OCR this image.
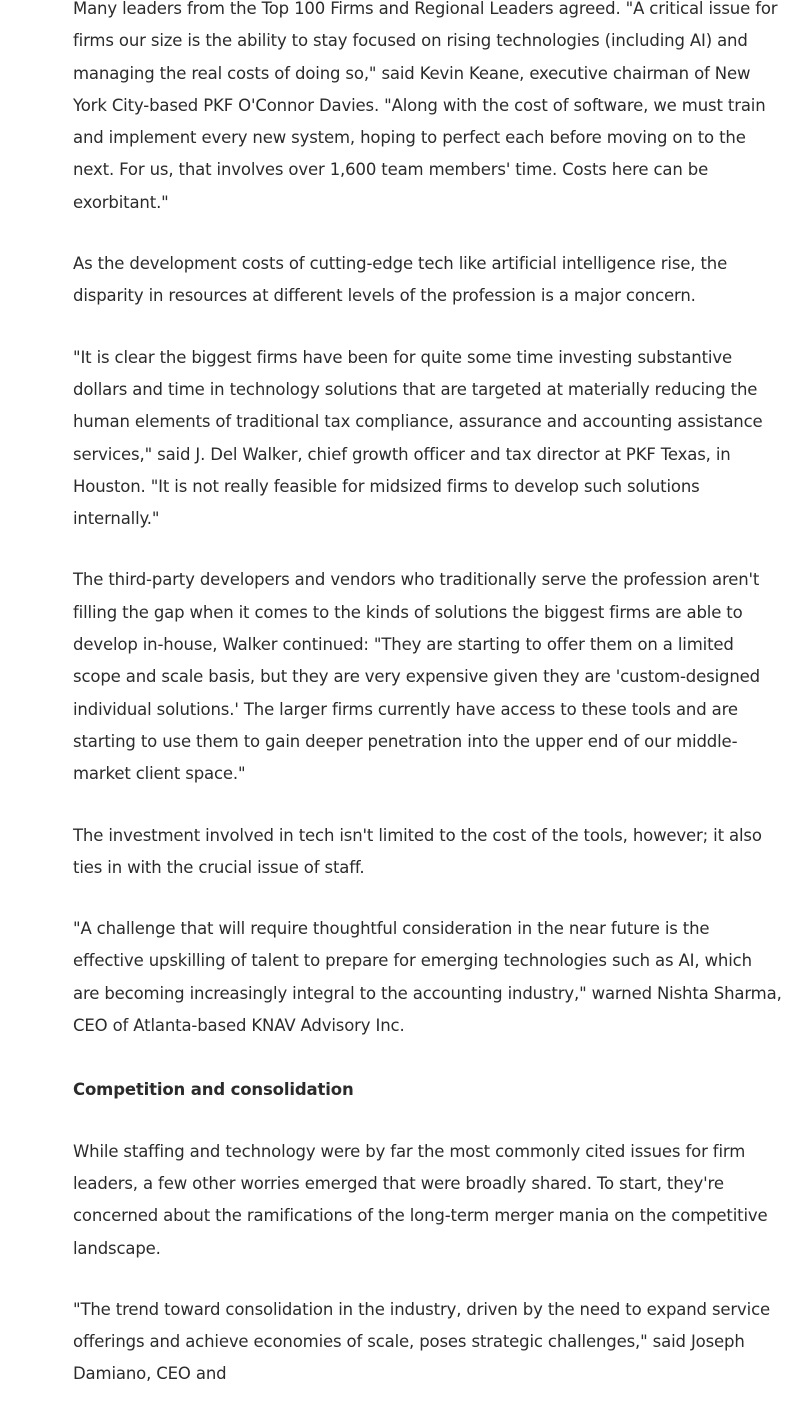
Many leaders from the Top 100 Firms and Regional Leaders agreed. "A critical issue for firms our size is the ability to stay focused on rising technologies (including AI) and managing the real costs of doing so," said Kevin Keane, executive chairman of New York City-based PKF O'Connor Davies. "Along with the cost of software, we must train and implement every new system, hoping to perfect each before moving on to the next. For us, that involves over 1,600 team members' time. Costs here can be exorbitant."

As the development costs of cutting-edge tech like artificial intelligence rise, the disparity in resources at different levels of the profession is a major concern.

"It is clear the biggest firms have been for quite some time investing substantive dollars and time in technology solutions that are targeted at materially reducing the human elements of traditional tax compliance, assurance and accounting assistance services," said J. Del Walker, chief growth officer and tax director at PKF Texas, in Houston. "It is not really feasible for midsized firms to develop such solutions internally."

The third-party developers and vendors who traditionally serve the profession aren't filling the gap when it comes to the kinds of solutions the biggest firms are able to develop in-house, Walker continued: "They are starting to offer them on a limited scope and scale basis, but they are very expensive given they are 'custom-designed individual solutions.' The larger firms currently have access to these tools and are starting to use them to gain deeper penetration into the upper end of our middle-market client space."

The investment involved in tech isn't limited to the cost of the tools, however; it also ties in with the crucial issue of staff.

"A challenge that will require thoughtful consideration in the near future is the effective upskilling of talent to prepare for emerging technologies such as AI, which are becoming increasingly integral to the accounting industry," warned Nishta Sharma, CEO of Atlanta-based KNAV Advisory Inc.

Competition and consolidation

While staffing and technology were by far the most commonly cited issues for firm leaders, a few other worries emerged that were broadly shared. To start, they're concerned about the ramifications of the long-term merger mania on the competitive landscape.

"The trend toward consolidation in the industry, driven by the need to expand service offerings and achieve economies of scale, poses strategic challenges," said Joseph Damiano, CEO and
